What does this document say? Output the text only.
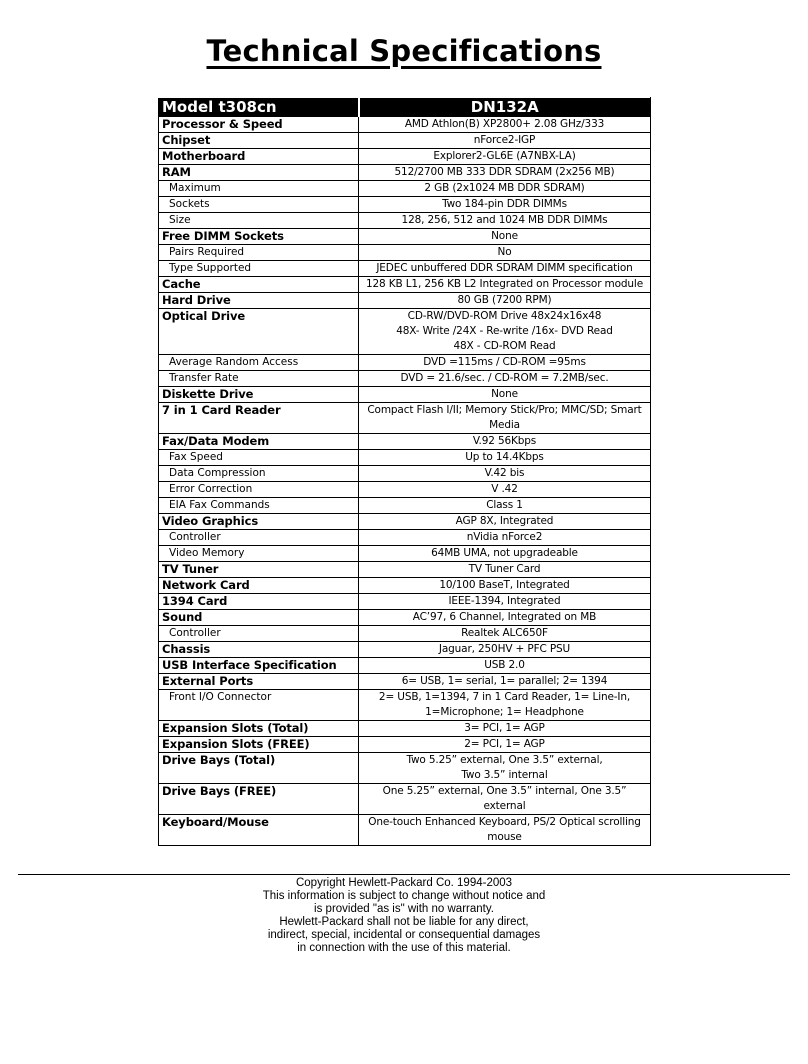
Technical Specifications
Model t308cn	DN132A
Processor & Speed	AMD Athlon(B) XP2800+ 2.08 GHz/333

Chipset	nForce2-IGP

Motherboard	Explorer2-GL6E (A7NBX-LA)

RAM	512/2700 MB 333 DDR SDRAM (2x256 MB)

Maximum	2 GB (2x1024 MB DDR SDRAM)

Sockets	Two 184-pin DDR DIMMs

Size	128, 256, 512 and 1024 MB DDR DIMMs

Free DIMM Sockets	None

Pairs Required	No

Type Supported	JEDEC unbuffered DDR SDRAM DIMM specification

Cache	128 KB L1, 256 KB L2 Integrated on Processor module

Hard Drive	80 GB (7200 RPM)

Optical Drive	CD-RW/DVD-ROM Drive 48x24x16x48
48X- Write /24X - Re-write /16x- DVD Read
48X - CD-ROM Read

Average Random Access	DVD =115ms / CD-ROM =95ms

Transfer Rate	DVD = 21.6/sec. / CD-ROM = 7.2MB/sec.

Diskette Drive	None

7 in 1 Card Reader	Compact Flash I/II; Memory Stick/Pro; MMC/SD; Smart
Media

Fax/Data Modem	V.92 56Kbps

Fax Speed	Up to 14.4Kbps

Data Compression	V.42 bis

Error Correction	V .42

EIA Fax Commands	Class 1

Video Graphics	AGP 8X, Integrated

Controller	nVidia nForce2

Video Memory	64MB UMA, not upgradeable

TV Tuner	TV Tuner Card

Network Card	10/100 BaseT, Integrated

1394 Card	IEEE-1394, Integrated

Sound	AC’97, 6 Channel, Integrated on MB

Controller	Realtek ALC650F

Chassis	Jaguar, 250HV + PFC PSU

USB Interface Specification	USB 2.0

External Ports	6= USB, 1= serial, 1= parallel; 2= 1394

Front I/O Connector	2= USB, 1=1394, 7 in 1 Card Reader, 1= Line-In,
1=Microphone; 1= Headphone

Expansion Slots (Total)	3= PCI, 1= AGP

Expansion Slots (FREE)	2= PCI, 1= AGP

Drive Bays (Total)	Two 5.25” external, One 3.5” external,
Two 3.5” internal

Drive Bays (FREE)	One 5.25” external, One 3.5” internal, One 3.5” external

Keyboard/Mouse	One-touch Enhanced Keyboard, PS/2 Optical scrolling
mouse
Copyright Hewlett-Packard Co. 1994-2003
This information is subject to change without notice and
is provided "as is" with no warranty.
Hewlett-Packard shall not be liable for any direct,
indirect, special, incidental or consequential damages
in connection with the use of this material.
